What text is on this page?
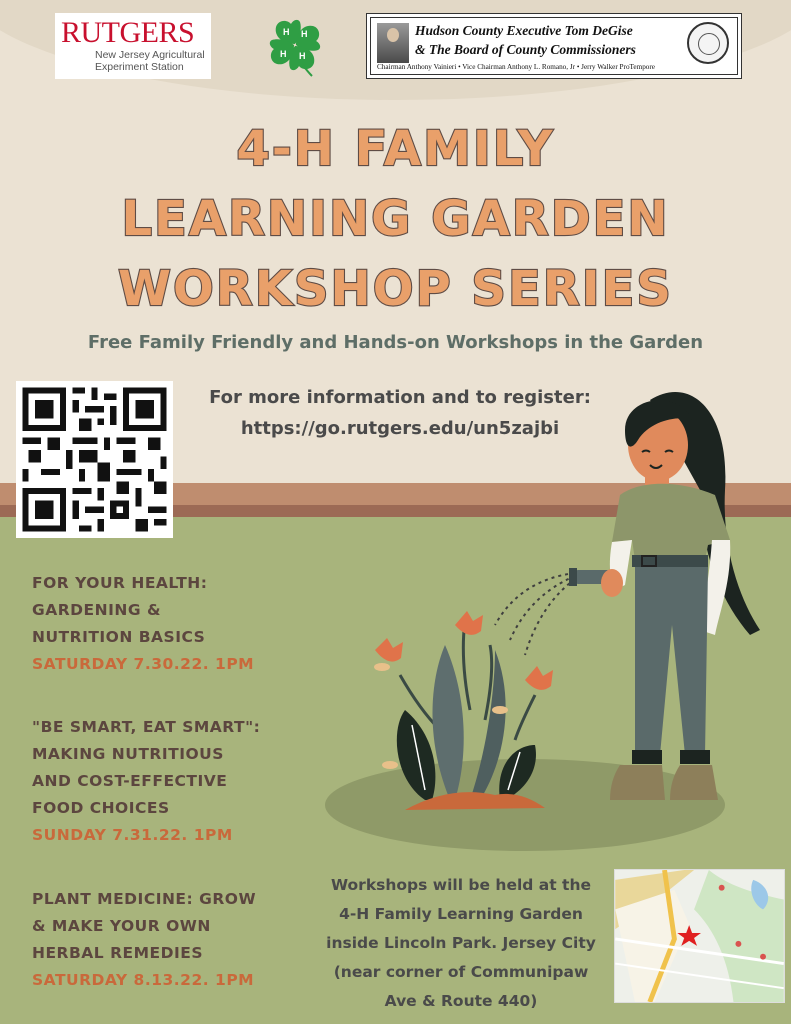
RUTGERS
New Jersey Agricultural
Experiment Station
H H
H
H
Hudson County Executive Tom DeGise
& The Board of County Commissioners
Chairman Anthony Vainieri • Vice Chairman Anthony L. Romano, Jr • Jerry Walker ProTempore
4-H FAMILY
LEARNING GARDEN
WORKSHOP SERIES
Free Family Friendly and Hands-on Workshops in the Garden
For more information and to register:
https://go.rutgers.edu/un5zajbi
FOR YOUR HEALTH:
GARDENING &
NUTRITION BASICS
SATURDAY 7.30.22. 1PM
"BE SMART, EAT SMART":
MAKING NUTRITIOUS
AND COST-EFFECTIVE
FOOD CHOICES
SUNDAY 7.31.22. 1PM
PLANT MEDICINE: GROW
& MAKE YOUR OWN
HERBAL REMEDIES
SATURDAY 8.13.22. 1PM
Workshops will be held at the
4-H Family Learning Garden
inside Lincoln Park. Jersey City
(near corner of Communipaw
Ave & Route 440)
